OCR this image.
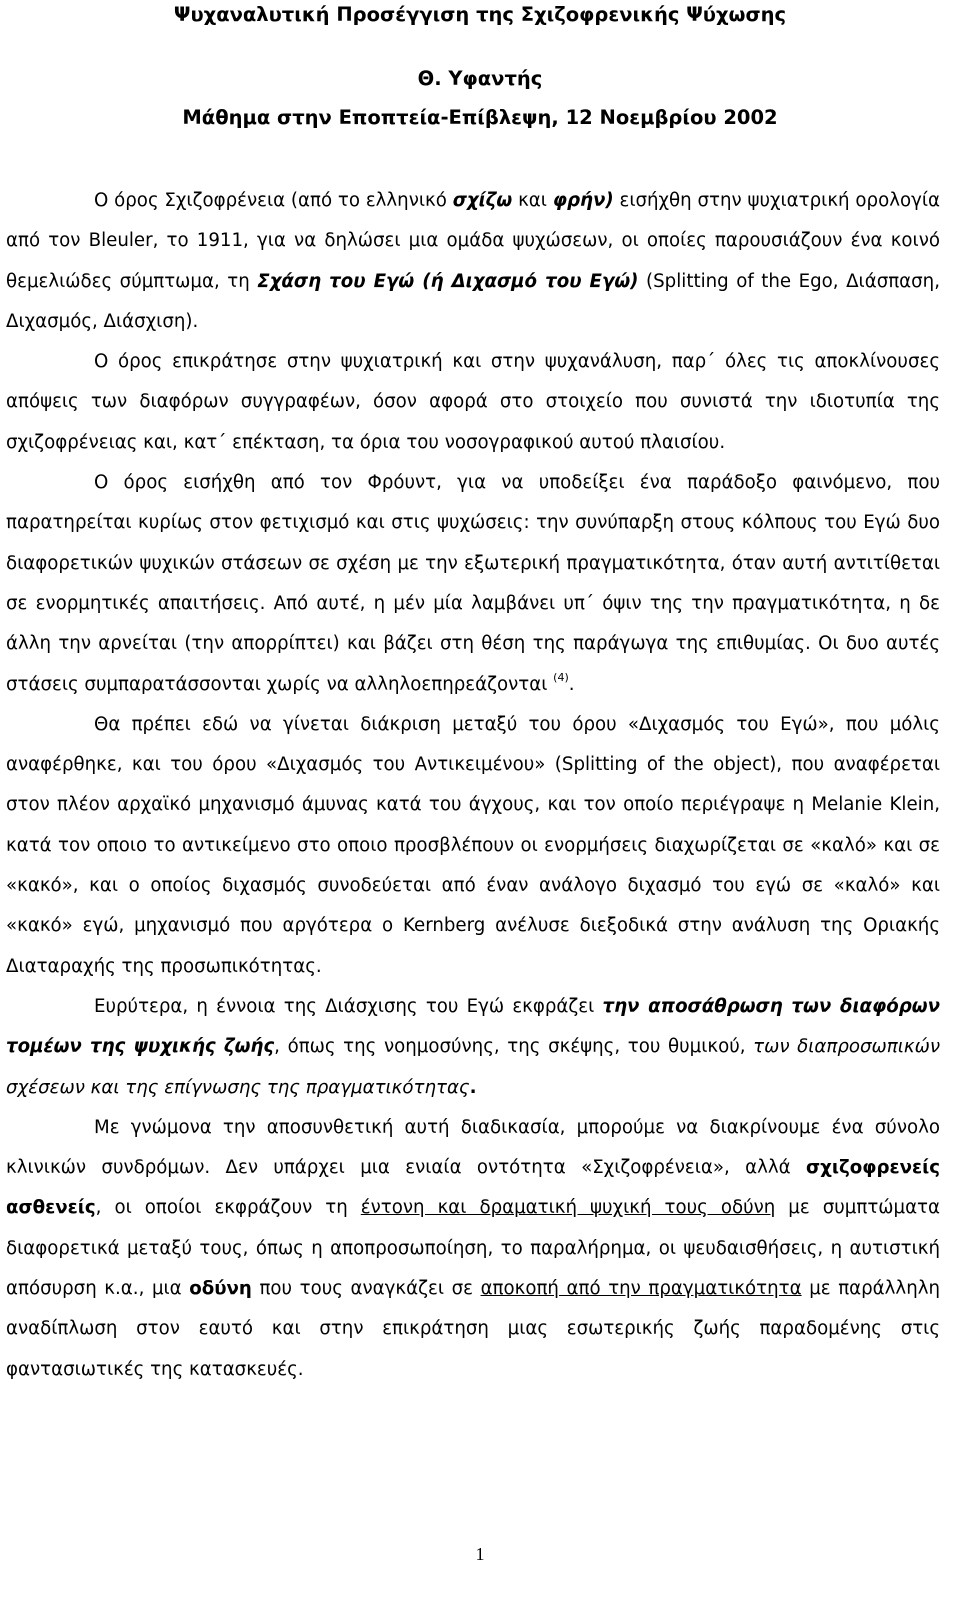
Ψυχαναλυτική Προσέγγιση της Σχιζοφρενικής Ψύχωσης
Θ. Υφαντής
Μάθημα στην Εποπτεία-Επίβλεψη, 12 Νοεμβρίου 2002

Ο όρος Σχιζοφρένεια (από το ελληνικό σχίζω και φρήν) εισήχθη στην ψυχιατρική ορολογία από τον Bleuler, το 1911, για να δηλώσει μια ομάδα ψυχώσεων, οι οποίες παρουσιάζουν ένα κοινό θεμελιώδες σύμπτωμα, τη Σχάση του Εγώ (ή Διχασμό του Εγώ) (Splitting of the Ego, Διάσπαση, Διχασμός, Διάσχιση).

Ο όρος επικράτησε στην ψυχιατρική και στην ψυχανάλυση, παρ΄ όλες τις αποκλίνουσες απόψεις των διαφόρων συγγραφέων, όσον αφορά στο στοιχείο που συνιστά την ιδιοτυπία της σχιζοφρένειας και, κατ΄ επέκταση, τα όρια του νοσογραφικού αυτού πλαισίου.

Ο όρος εισήχθη από τον Φρόυντ, για να υποδείξει ένα παράδοξο φαινόμενο, που παρατηρείται κυρίως στον φετιχισμό και στις ψυχώσεις: την συνύπαρξη στους κόλπους του Εγώ δυο διαφορετικών ψυχικών στάσεων σε σχέση με την εξωτερική πραγματικότητα, όταν αυτή αντιτίθεται σε ενορμητικές απαιτήσεις. Από αυτέ, η μέν μία λαμβάνει υπ΄ όψιν της την πραγματικότητα, η δε άλλη την αρνείται (την απορρίπτει) και βάζει στη θέση της παράγωγα της επιθυμίας. Οι δυο αυτές στάσεις συμπαρατάσσονται χωρίς να αλληλοεπηρεάζονται $^{(4)}$.

Θα πρέπει εδώ να γίνεται διάκριση μεταξύ του όρου «Διχασμός του Εγώ», που μόλις αναφέρθηκε, και του όρου «Διχασμός του Αντικειμένου» (Splitting of the object), που αναφέρεται στον πλέον αρχαϊκό μηχανισμό άμυνας κατά του άγχους, και τον οποίο περιέγραψε η Melanie Klein, κατά τον οποιο το αντικείμενο στο οποιο προσβλέπουν οι ενορμήσεις διαχωρίζεται σε «καλό» και σε «κακό», και ο οποίος διχασμός συνοδεύεται από έναν ανάλογο διχασμό του εγώ σε «καλό» και «κακό» εγώ, μηχανισμό που αργότερα ο Kernberg ανέλυσε διεξοδικά στην ανάλυση της Οριακής Διαταραχής της προσωπικότητας.

Ευρύτερα, η έννοια της Διάσχισης του Εγώ εκφράζει την αποσάθρωση των διαφόρων τομέων της ψυχικής ζωής, όπως της νοημοσύνης, της σκέψης, του θυμικού, των διαπροσωπικών σχέσεων και της επίγνωσης της πραγματικότητας.

Με γνώμονα την αποσυνθετική αυτή διαδικασία, μπορούμε να διακρίνουμε ένα σύνολο κλινικών συνδρόμων. Δεν υπάρχει μια ενιαία οντότητα «Σχιζοφρένεια», αλλά σχιζοφρενείς ασθενείς, οι οποίοι εκφράζουν τη έντονη και δραματική ψυχική τους οδύνη με συμπτώματα διαφορετικά μεταξύ τους, όπως η αποπροσωποίηση, το παραλήρημα, οι ψευδαισθήσεις, η αυτιστική απόσυρση κ.α., μια οδύνη που τους αναγκάζει σε αποκοπή από την πραγματικότητα με παράλληλη αναδίπλωση στον εαυτό και στην επικράτηση μιας εσωτερικής ζωής παραδομένης στις φαντασιωτικές της κατασκευές.

1
